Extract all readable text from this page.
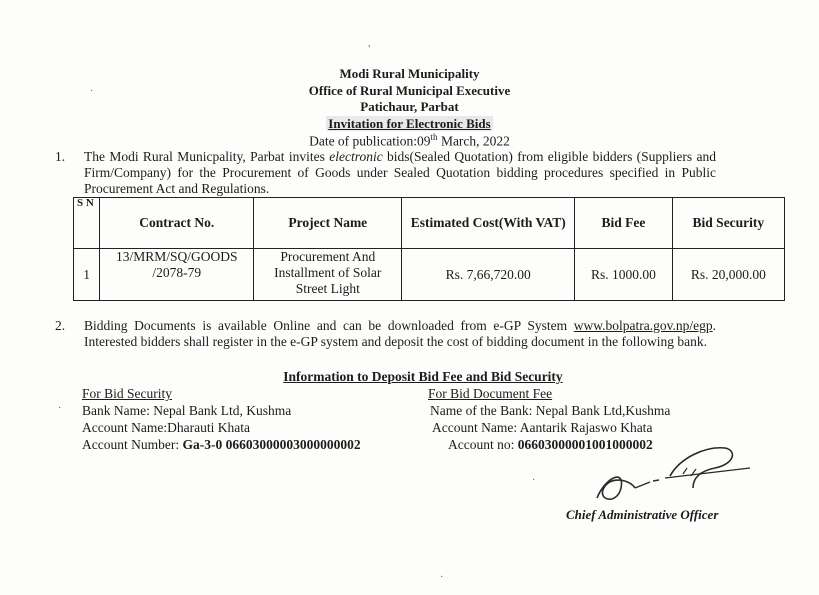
Modi Rural Municipality
Office of Rural Municipal Executive
Patichaur, Parbat
Invitation for Electronic Bids
Date of publication:09th March, 2022
1. The Modi Rural Municpality, Parbat invites electronic bids(Sealed Quotation) from eligible bidders (Suppliers and Firm/Company) for the Procurement of Goods under Sealed Quotation bidding procedures specified in Public Procurement Act and Regulations.
S N	Contract No.	Project Name	Estimated Cost(With VAT)	Bid Fee	Bid Security
1	13/MRM/SQ/GOODS /2078-79	Procurement And Installment of Solar Street Light	Rs. 7,66,720.00	Rs. 1000.00	Rs. 20,000.00
2. Bidding Documents is available Online and can be downloaded from e-GP System www.bolpatra.gov.np/egp. Interested bidders shall register in the e-GP system and deposit the cost of bidding document in the following bank.
Information to Deposit Bid Fee and Bid Security
For Bid Security
Bank Name: Nepal Bank Ltd, Kushma
Account Name:Dharauti Khata
Account Number: Ga-3-0 06603000003000000002
For Bid Document Fee
Name of the Bank: Nepal Bank Ltd,Kushma
Account Name: Aantarik Rajaswo Khata
Account no: 06603000001001000002
Chief Administrative Officer
,
·
·
·
·
